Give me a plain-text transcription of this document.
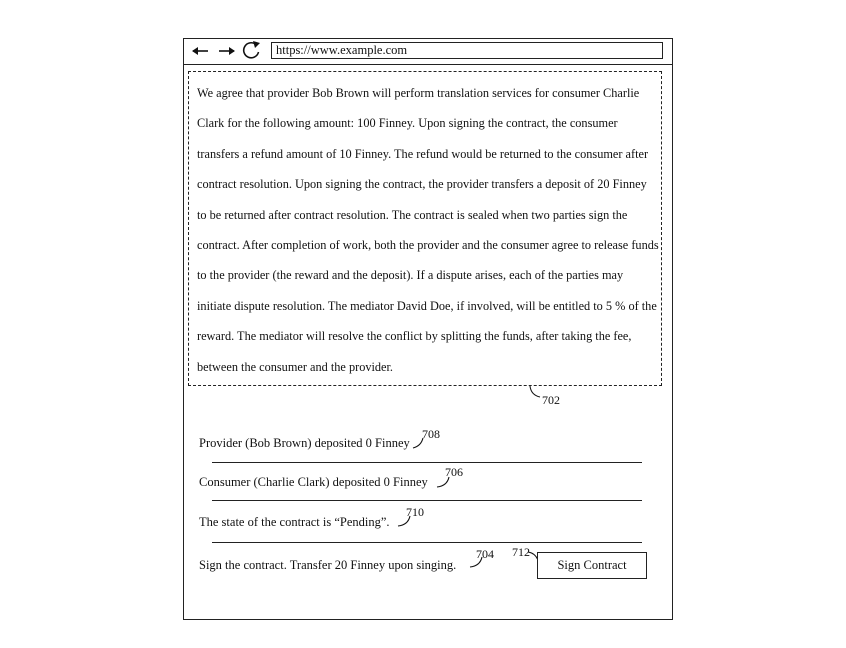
https://www.example.com
We agree that provider Bob Brown will perform translation services for consumer Charlie Clark for the following amount: 100 Finney. Upon signing the contract, the consumer transfers a refund amount of 10 Finney. The refund would be returned to the consumer after contract resolution. Upon signing the contract, the provider transfers a deposit of 20 Finney to be returned after contract resolution. The contract is sealed when two parties sign the contract. After completion of work, both the provider and the consumer agree to release funds to the provider (the reward and the deposit). If a dispute arises, each of the parties may initiate dispute resolution. The mediator David Doe, if involved, will be entitled to 5 % of the reward. The mediator will resolve the conflict by splitting the funds, after taking the fee, between the consumer and the provider.
702
Provider (Bob Brown) deposited 0 Finney
708
Consumer (Charlie Clark) deposited 0 Finney
706
The state of the contract is “Pending”.
710
Sign the contract. Transfer 20 Finney upon singing.
704 712
Sign Contract
